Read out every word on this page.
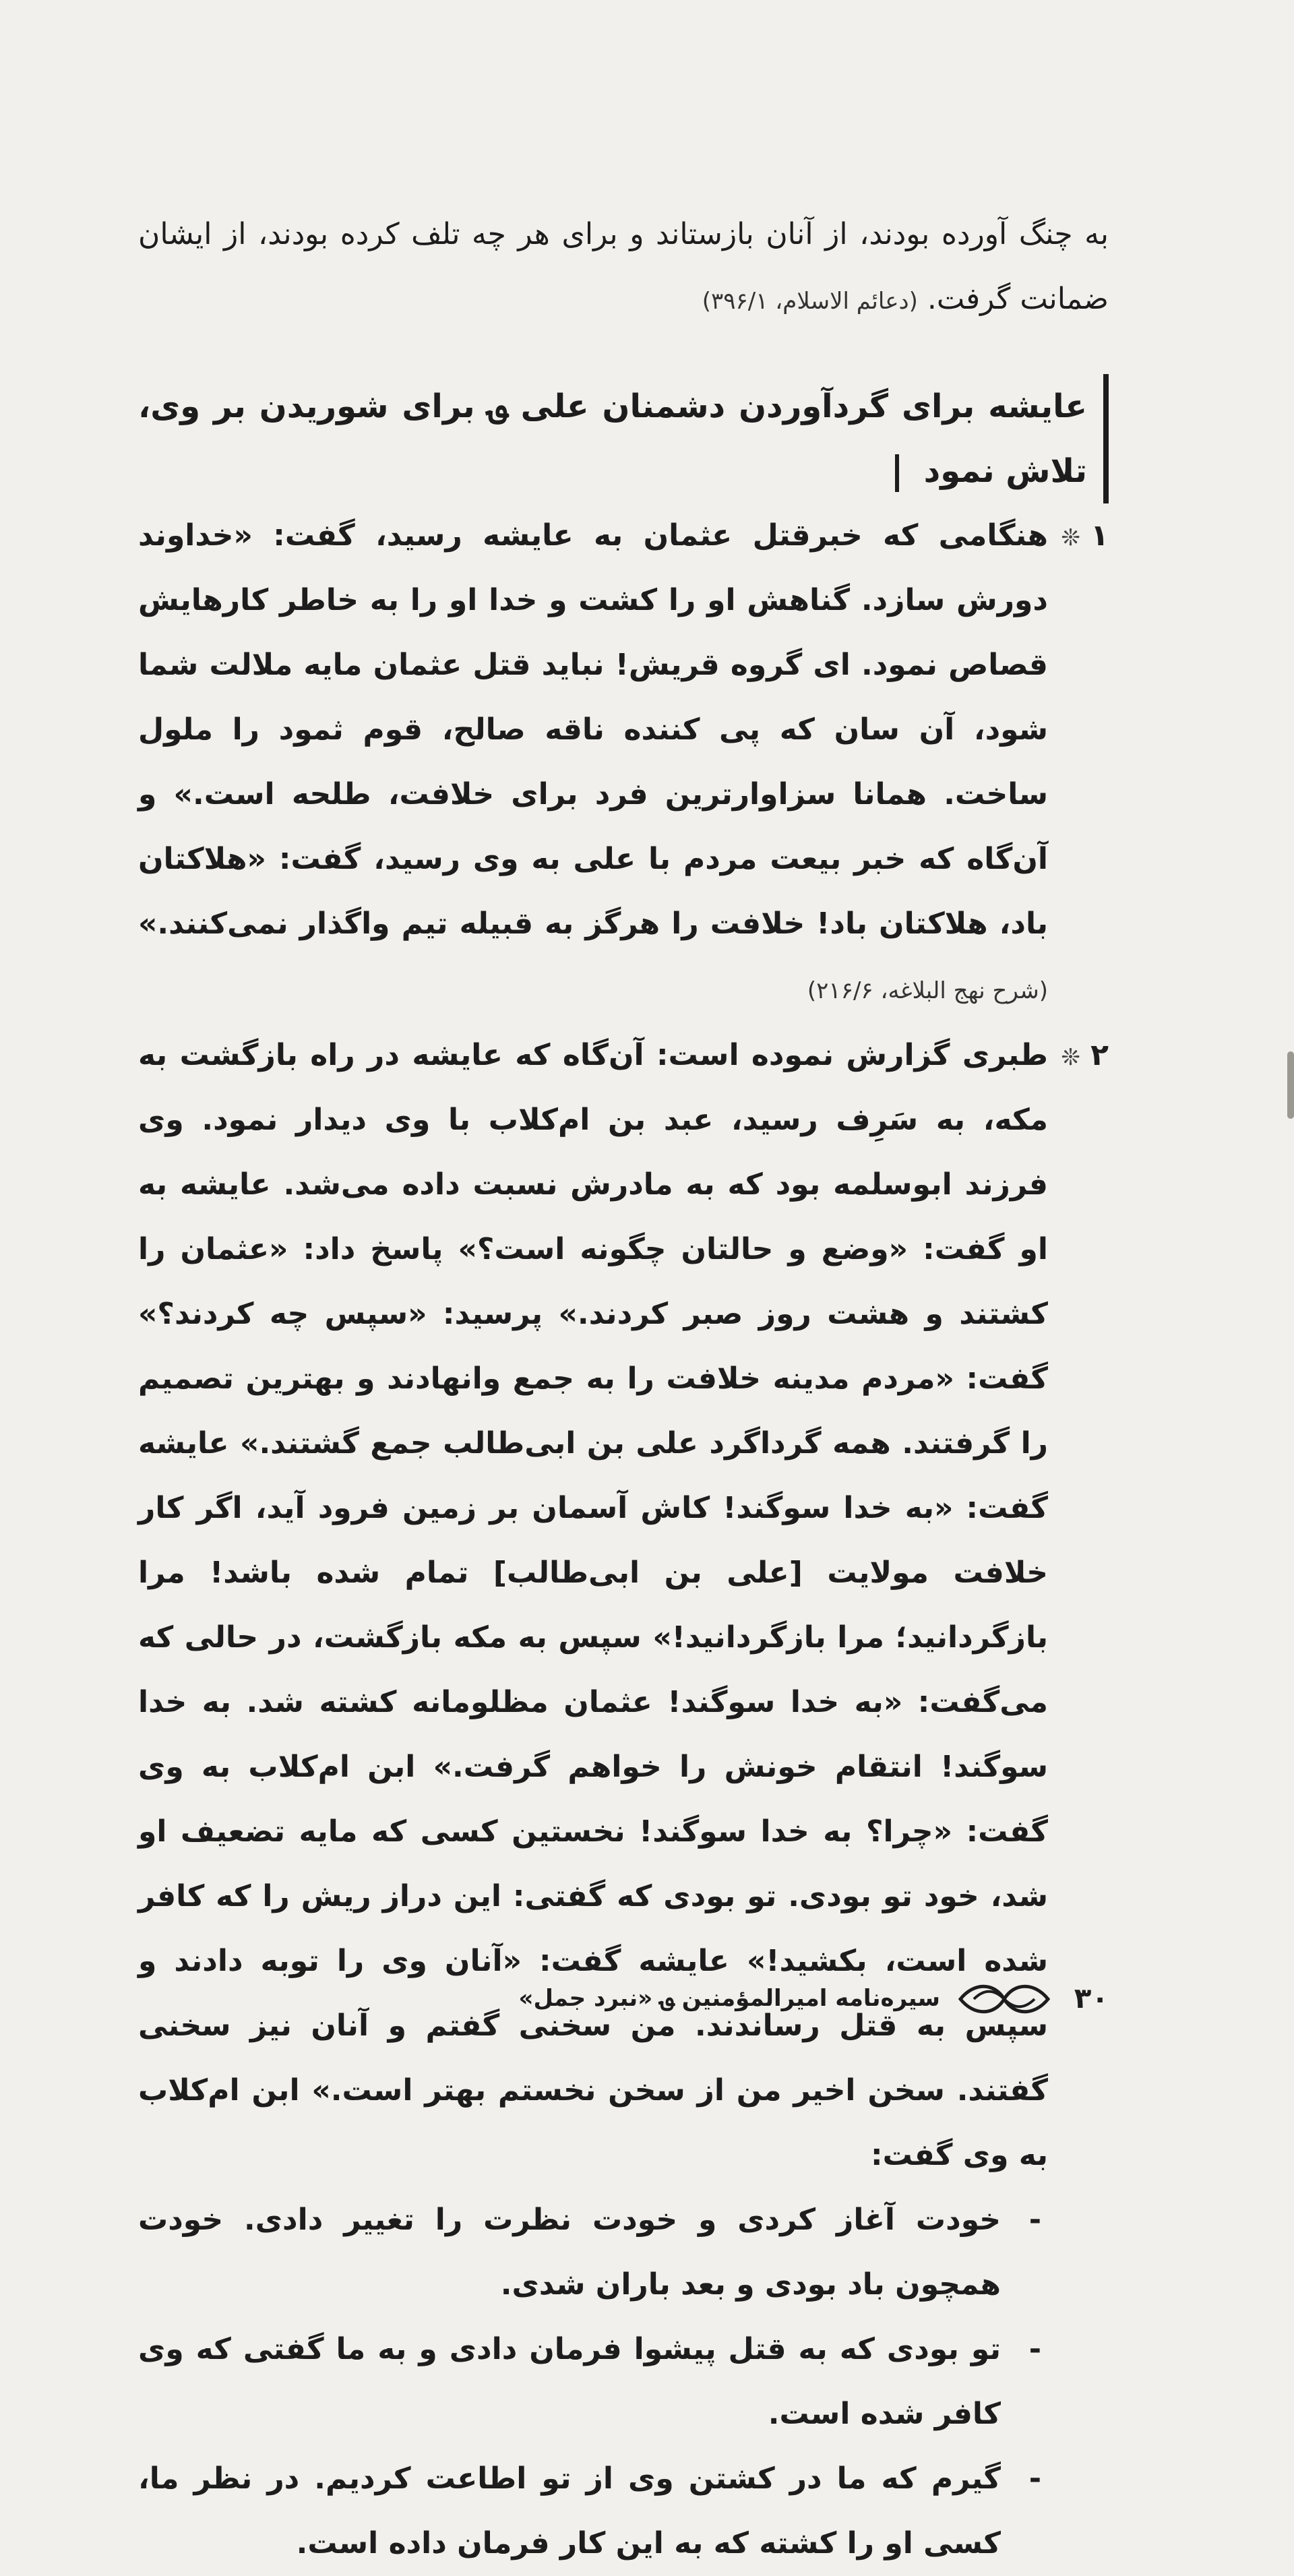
به چنگ آورده بودند، از آنان بازستاند و برای هر چه تلف کرده بودند، از ایشان ضمانت گرفت. (دعائم الاسلام، ۳۹۶/۱)

عایشه برای گردآوردن دشمنان علی ؈ برای شوریدن بر وی، تلاش نمود

۱ ❊
هنگامی که خبرقتل عثمان به عایشه رسید، گفت: «خداوند دورش سازد. گناهش او را کشت و خدا او را به خاطر کارهایش قصاص نمود. ای گروه قریش! نباید قتل عثمان مایه ملالت شما شود، آن سان که پی کننده ناقه صالح، قوم ثمود را ملول ساخت. همانا سزاوارترین فرد برای خلافت، طلحه است.» و آن‌گاه که خبر بیعت مردم با علی به وی رسید، گفت: «هلاکتان باد، هلاکتان باد! خلافت را هرگز به قبیله تیم واگذار نمی‌کنند.» (شرح نهج البلاغه، ۲۱۶/۶)

۲ ❊
طبری گزارش نموده است: آن‌گاه که عایشه در راه بازگشت به مکه، به سَرِف رسید، عبد بن ام‌کلاب با وی دیدار نمود. وی فرزند ابوسلمه بود که به مادرش نسبت داده می‌شد. عایشه به او گفت: «وضع و حالتان چگونه است؟» پاسخ داد: «عثمان را کشتند و هشت روز صبر کردند.» پرسید: «سپس چه کردند؟» گفت: «مردم مدینه خلافت را به جمع وانهادند و بهترین تصمیم را گرفتند. همه گرداگرد علی بن ابی‌طالب جمع گشتند.» عایشه گفت: «به خدا سوگند! کاش آسمان بر زمین فرود آید، اگر کار خلافت مولایت [علی بن ابی‌طالب] تمام شده باشد! مرا بازگردانید؛ مرا بازگردانید!» سپس به مکه بازگشت، در حالی که می‌گفت: «به خدا سوگند! عثمان مظلومانه کشته شد. به خدا سوگند! انتقام خونش را خواهم گرفت.» ابن ام‌کلاب به وی گفت: «چرا؟ به خدا سوگند! نخستین کسی که مایه تضعیف او شد، خود تو بودی. تو بودی که گفتی: این دراز ریش را که کافر شده است، بکشید!» عایشه گفت: «آنان وی را توبه دادند و سپس به قتل رساندند. من سخنی گفتم و آنان نیز سخنی گفتند. سخن اخیر من از سخن نخستم بهتر است.» ابن ام‌کلاب به وی گفت:

-
خودت آغاز کردی و خودت نظرت را تغییر دادی. خودت همچون باد بودی و بعد باران شدی.

-
تو بودی که به قتل پیشوا فرمان دادی و به ما گفتی که وی کافر شده است.

-
گیرم که ما در کشتن وی از تو اطاعت کردیم. در نظر ما، کسی او را کشته که به این کار فرمان داده است.

۳۰
سیره‌نامه امیرالمؤمنین ؈ «نبرد جمل»
